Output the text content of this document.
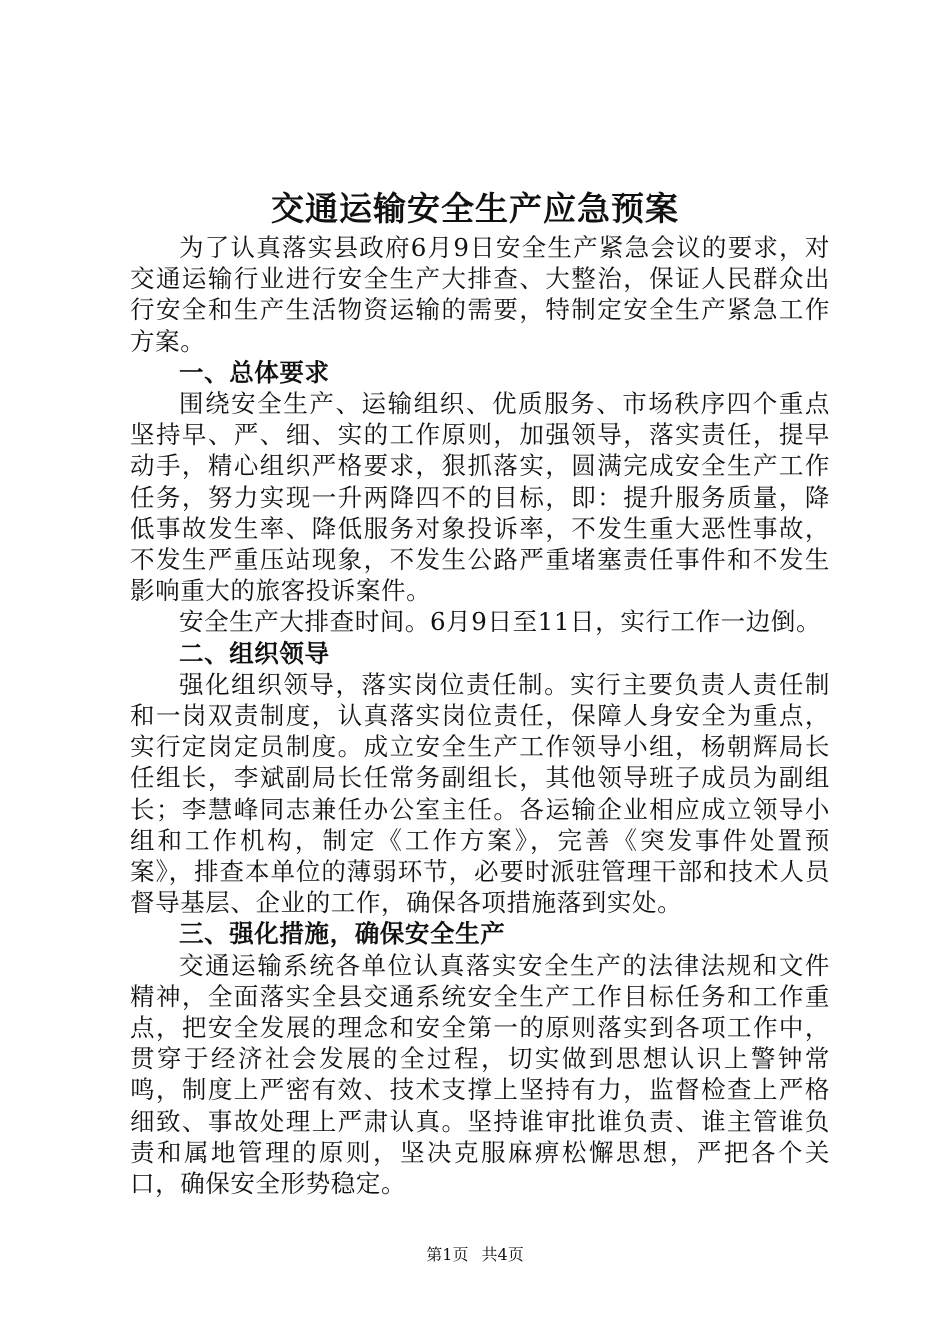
交通运输安全生产应急预案

为了认真落实县政府6月9日安全生产紧急会议的要求，对交通运输行业进行安全生产大排查、大整治，保证人民群众出行安全和生产生活物资运输的需要，特制定安全生产紧急工作方案。

一、总体要求

围绕安全生产、运输组织、优质服务、市场秩序四个重点坚持早、严、细、实的工作原则，加强领导，落实责任，提早动手，精心组织严格要求，狠抓落实，圆满完成安全生产工作任务，努力实现一升两降四不的目标，即：提升服务质量，降低事故发生率、降低服务对象投诉率，不发生重大恶性事故，不发生严重压站现象，不发生公路严重堵塞责任事件和不发生影响重大的旅客投诉案件。

安全生产大排查时间。6月9日至11日，实行工作一边倒。

二、组织领导

强化组织领导，落实岗位责任制。实行主要负责人责任制和一岗双责制度，认真落实岗位责任，保障人身安全为重点，实行定岗定员制度。成立安全生产工作领导小组，杨朝辉局长任组长，李斌副局长任常务副组长，其他领导班子成员为副组长；李慧峰同志兼任办公室主任。各运输企业相应成立领导小组和工作机构，制定《工作方案》，完善《突发事件处置预案》，排查本单位的薄弱环节，必要时派驻管理干部和技术人员督导基层、企业的工作，确保各项措施落到实处。

三、强化措施，确保安全生产

交通运输系统各单位认真落实安全生产的法律法规和文件精神，全面落实全县交通系统安全生产工作目标任务和工作重点，把安全发展的理念和安全第一的原则落实到各项工作中，贯穿于经济社会发展的全过程，切实做到思想认识上警钟常鸣，制度上严密有效、技术支撑上坚持有力，监督检查上严格细致、事故处理上严肃认真。坚持谁审批谁负责、谁主管谁负责和属地管理的原则，坚决克服麻痹松懈思想，严把各个关口，确保安全形势稳定。

第1页 共4页
